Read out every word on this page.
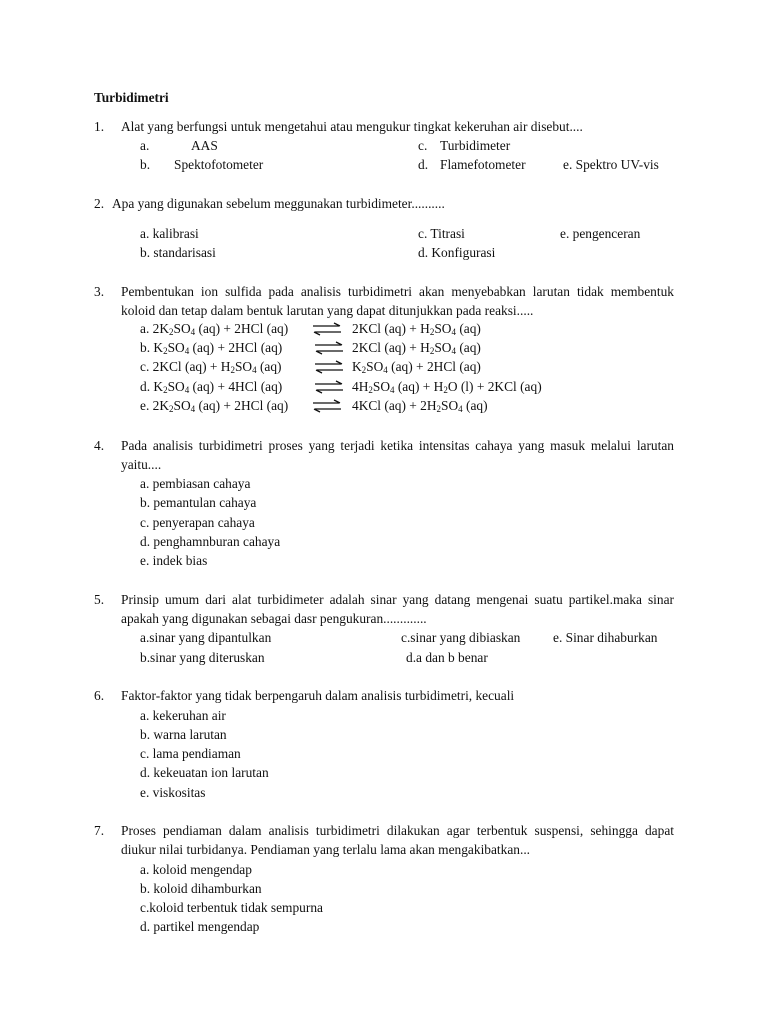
Turbidimetri
1. Alat yang berfungsi untuk mengetahui atau mengukur tingkat kekeruhan air disebut....
a.	AAS	c. Turbidimeter
b. Spektofotometer	d. Flamefotometer	e. Spektro UV-vis
2. Apa yang digunakan sebelum meggunakan turbidimeter..........
a. kalibrasi	c. Titrasi	e. pengenceran
b. standarisasi	d. Konfigurasi
3. Pembentukan ion sulfida pada analisis turbidimetri akan menyebabkan larutan tidak membentuk koloid dan tetap dalam bentuk larutan yang dapat ditunjukkan pada reaksi.....
4. Pada analisis turbidimetri proses yang terjadi ketika intensitas cahaya yang masuk melalui larutan yaitu....
a. pembiasan cahaya
b. pemantulan cahaya
c. penyerapan cahaya
d. penghamnburan cahaya
e. indek bias
5. Prinsip umum dari alat turbidimeter adalah sinar yang datang mengenai suatu partikel.maka sinar apakah yang digunakan sebagai dasr pengukuran.............
a.sinar yang dipantulkan	c.sinar yang dibiaskan e. Sinar dihaburkan
b.sinar yang diteruskan	d.a dan b benar
6. Faktor-faktor yang tidak berpengaruh dalam analisis turbidimetri, kecuali
a. kekeruhan air
b. warna larutan
c. lama pendiaman
d. kekeuatan ion larutan
e. viskositas
7. Proses pendiaman dalam analisis turbidimetri dilakukan agar terbentuk suspensi, sehingga dapat diukur nilai turbidanya. Pendiaman yang terlalu lama akan mengakibatkan...
a. koloid mengendap
b. koloid dihamburkan
c.koloid terbentuk tidak sempurna
d. partikel mengendap
a. $2K_2SO_4$ (aq) + 2HCl (aq) ⇌ 2KCl $(aq) + H_2SO_4$ (aq)
b. $K_2SO_4$ (aq) + 2HCl (aq) ⇌ 2KCl $(aq) + H_2SO_4$ (aq)
c. 2KCl $(aq) + H_2SO_4$ (aq) ⇌ $K_2SO_4$ (aq) + 2HCl (aq)
d. $K_2SO_4$ (aq) + 4HCl (aq) ⇌ $4H_2SO_4$ $(aq) + H_2O$ (l) + 2KCl (aq)
e. $2K_2SO_4$ (aq) + 2HCl (aq) ⇌ 4KCl $(aq) + 2H_2SO_4$ (aq)
